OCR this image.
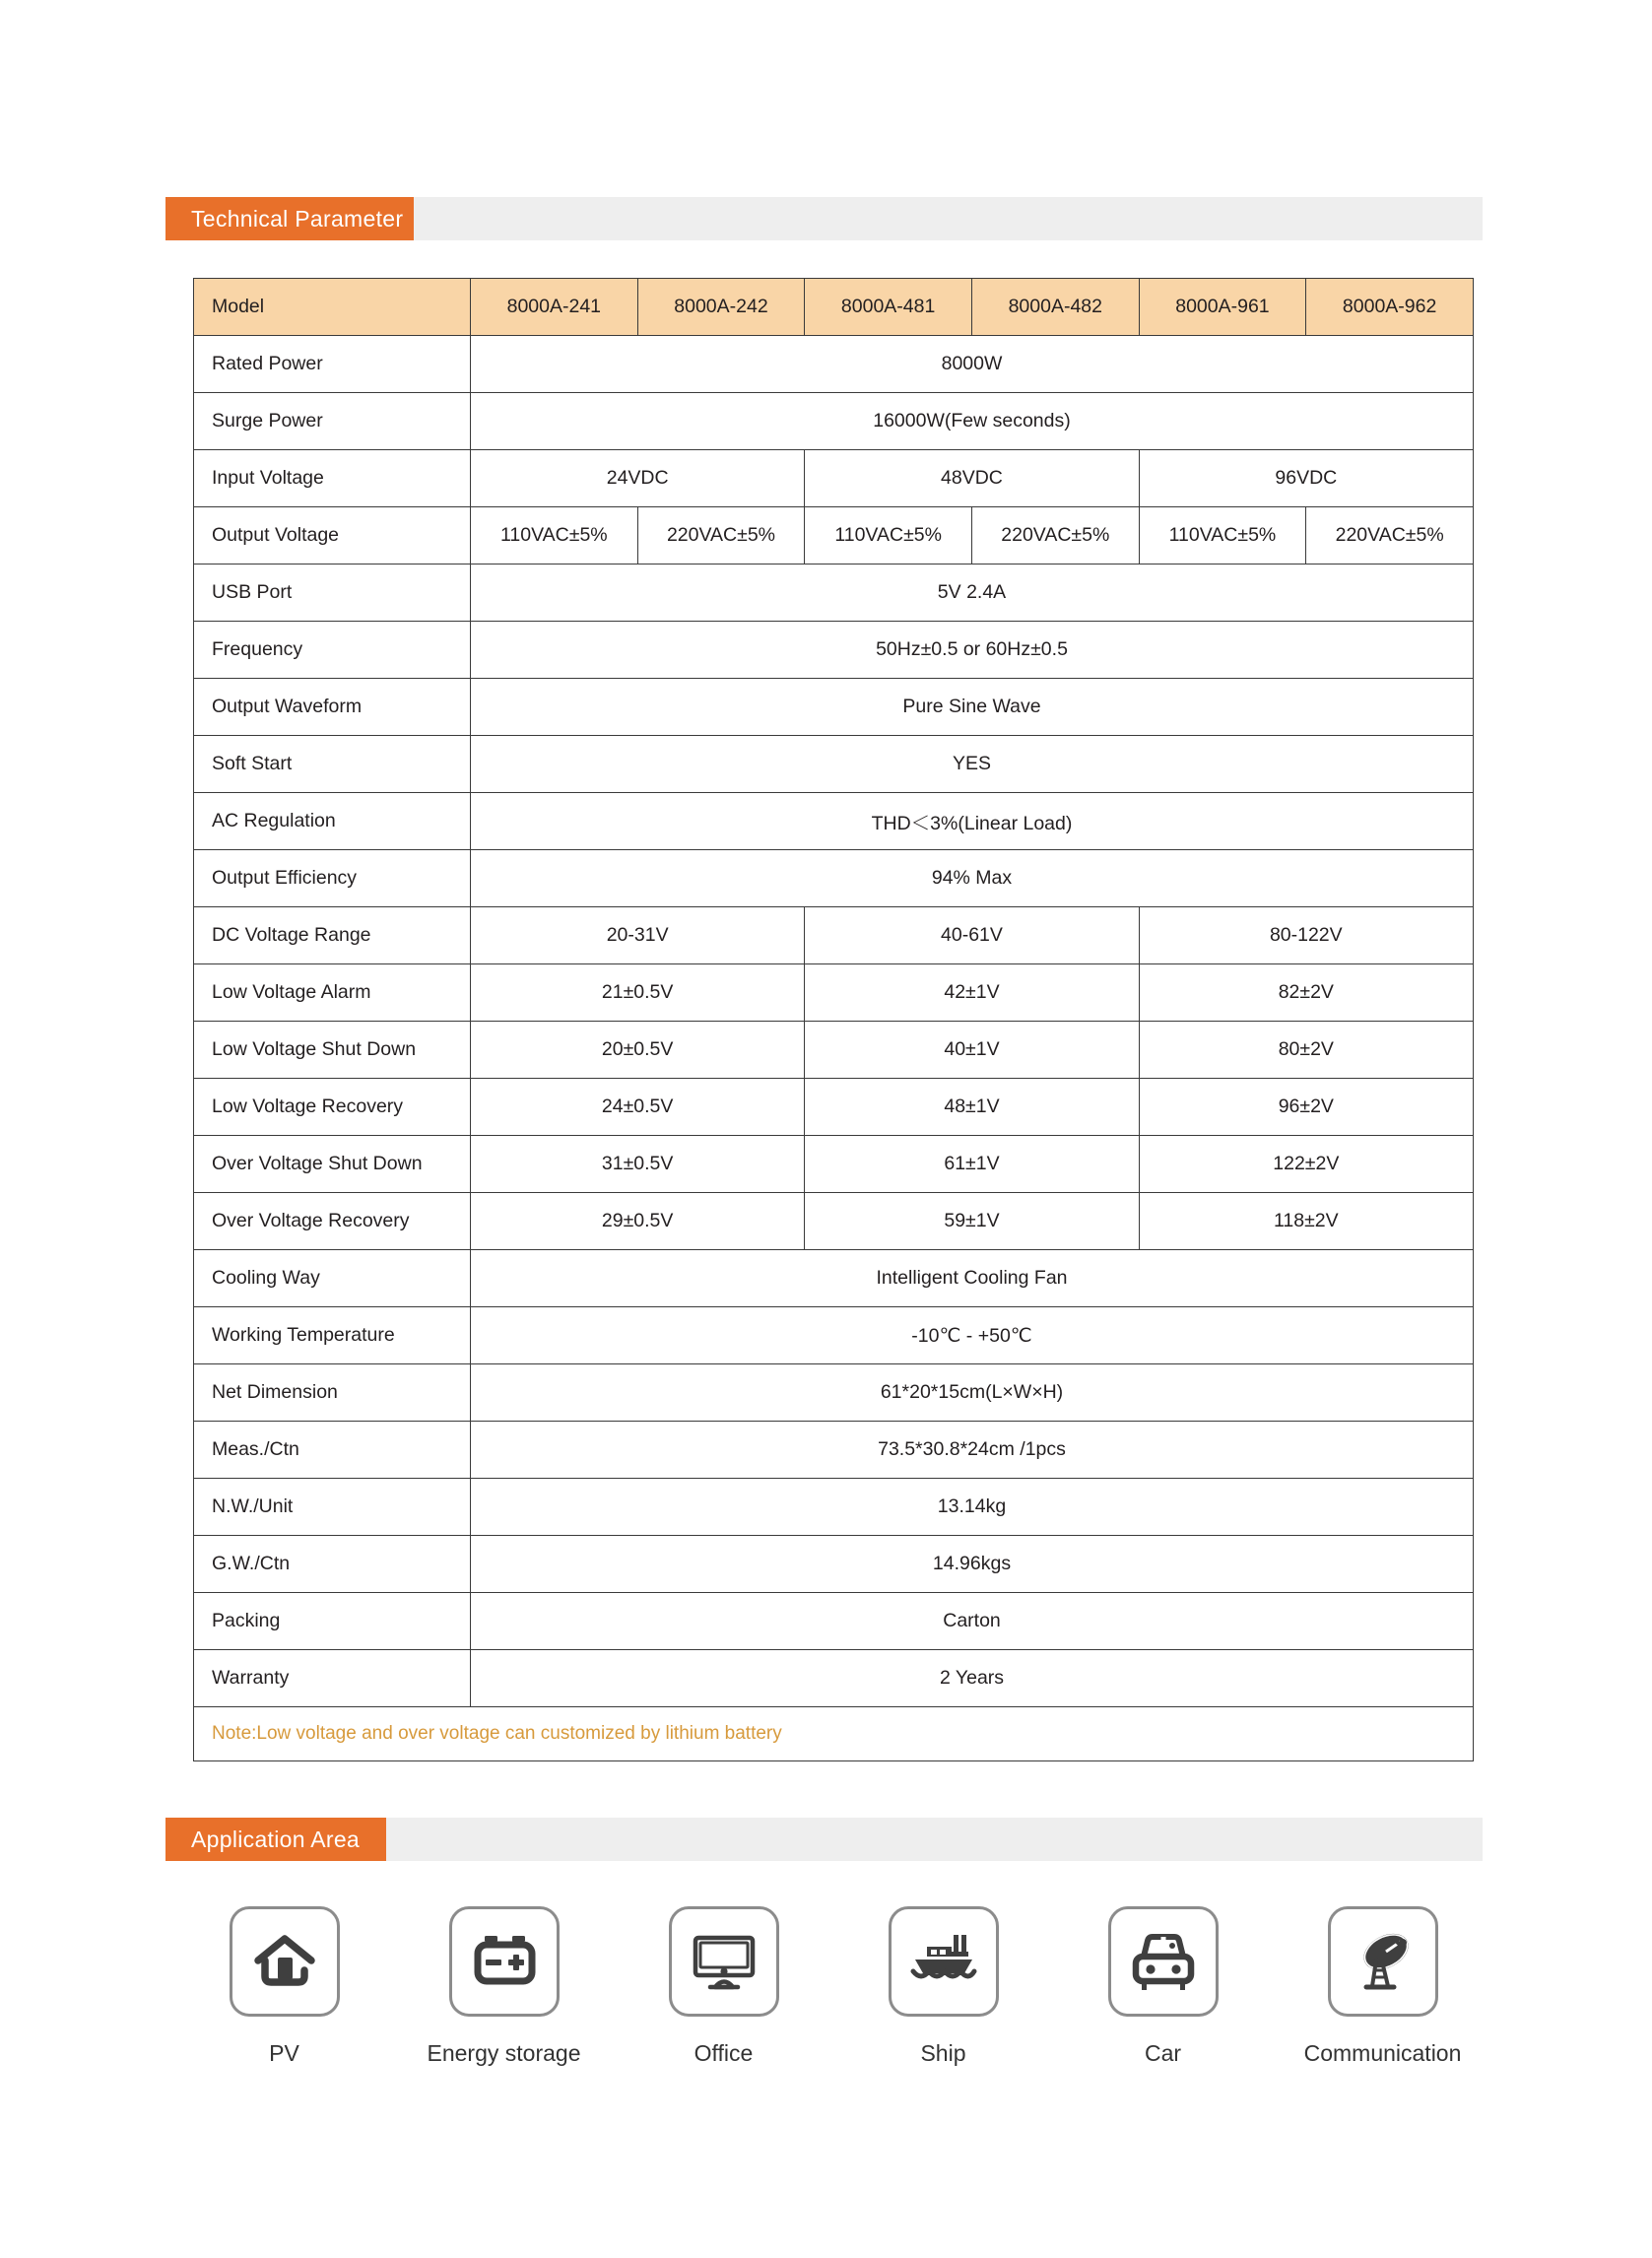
Technical Parameter
Model	8000A-241	8000A-242	8000A-481	8000A-482	8000A-961	8000A-962
Rated Power	8000W					
Surge Power	16000W(Few seconds)					
Input Voltage	24VDC		48VDC		96VDC	
Output Voltage	110VAC±5%	220VAC±5%	110VAC±5%	220VAC±5%	110VAC±5%	220VAC±5%
USB Port	5V 2.4A					
Frequency	50Hz±0.5 or 60Hz±0.5					
Output Waveform	Pure Sine Wave					
Soft Start	YES					
AC Regulation	THD＜3%(Linear Load)					
Output Efficiency	94% Max					
DC Voltage Range	20-31V		40-61V		80-122V	
Low Voltage Alarm	21±0.5V		42±1V		82±2V	
Low Voltage Shut Down	20±0.5V		40±1V		80±2V	
Low Voltage Recovery	24±0.5V		48±1V		96±2V	
Over Voltage Shut Down	31±0.5V		61±1V		122±2V	
Over Voltage Recovery	29±0.5V		59±1V		118±2V	
Cooling Way	Intelligent Cooling Fan					
Working Temperature	-10℃ - +50℃					
Net Dimension	61*20*15cm(L×W×H)					
Meas./Ctn	73.5*30.8*24cm /1pcs					
N.W./Unit	13.14kg					
G.W./Ctn	14.96kgs					
Packing	Carton					
Warranty	2 Years					
Note:Low voltage and over voltage can customized by lithium battery						
Application Area
PV	Energy storage	Office	Ship	Car	Communication
